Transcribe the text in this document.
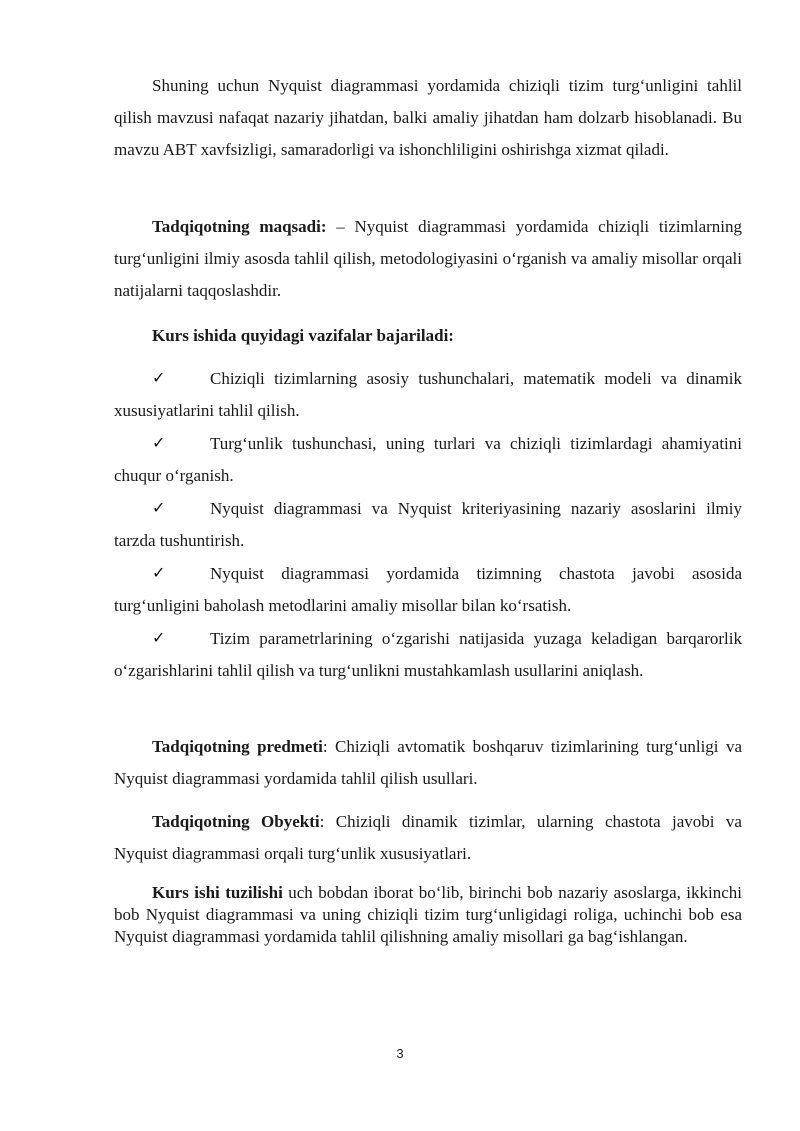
Shuning uchun Nyquist diagrammasi yordamida chiziqli tizim turg‘unligini tahlil qilish mavzusi nafaqat nazariy jihatdan, balki amaliy jihatdan ham dolzarb hisoblanadi. Bu mavzu ABT xavfsizligi, samaradorligi va ishonchliligini oshirishga xizmat qiladi.

Tadqiqotning maqsadi: – Nyquist diagrammasi yordamida chiziqli tizimlarning turg‘unligini ilmiy asosda tahlil qilish, metodologiyasini o‘rganish va amaliy misollar orqali natijalarni taqqoslashdir.

Kurs ishida quyidagi vazifalar bajariladi:

✓	Chiziqli tizimlarning asosiy tushunchalari, matematik modeli va dinamik xususiyatlarini tahlil qilish.

✓	Turg‘unlik tushunchasi, uning turlari va chiziqli tizimlardagi ahamiyatini chuqur o‘rganish.

✓	Nyquist diagrammasi va Nyquist kriteriyasining nazariy asoslarini ilmiy tarzda tushuntirish.

✓	Nyquist diagrammasi yordamida tizimning chastota javobi asosida turg‘unligini baholash metodlarini amaliy misollar bilan ko‘rsatish.

✓	Tizim parametrlarining o‘zgarishi natijasida yuzaga keladigan barqarorlik o‘zgarishlarini tahlil qilish va turg‘unlikni mustahkamlash usullarini aniqlash.

Tadqiqotning predmeti: Chiziqli avtomatik boshqaruv tizimlarining turg‘unligi va Nyquist diagrammasi yordamida tahlil qilish usullari.

Tadqiqotning Obyekti: Chiziqli dinamik tizimlar, ularning chastota javobi va Nyquist diagrammasi orqali turg‘unlik xususiyatlari.

Kurs ishi tuzilishi uch bobdan iborat bo‘lib, birinchi bob nazariy asoslarga, ikkinchi bob Nyquist diagrammasi va uning chiziqli tizim turg‘unligidagi roliga, uchinchi bob esa Nyquist diagrammasi yordamida tahlil qilishning amaliy misollari ga bag‘ishlangan.

3
